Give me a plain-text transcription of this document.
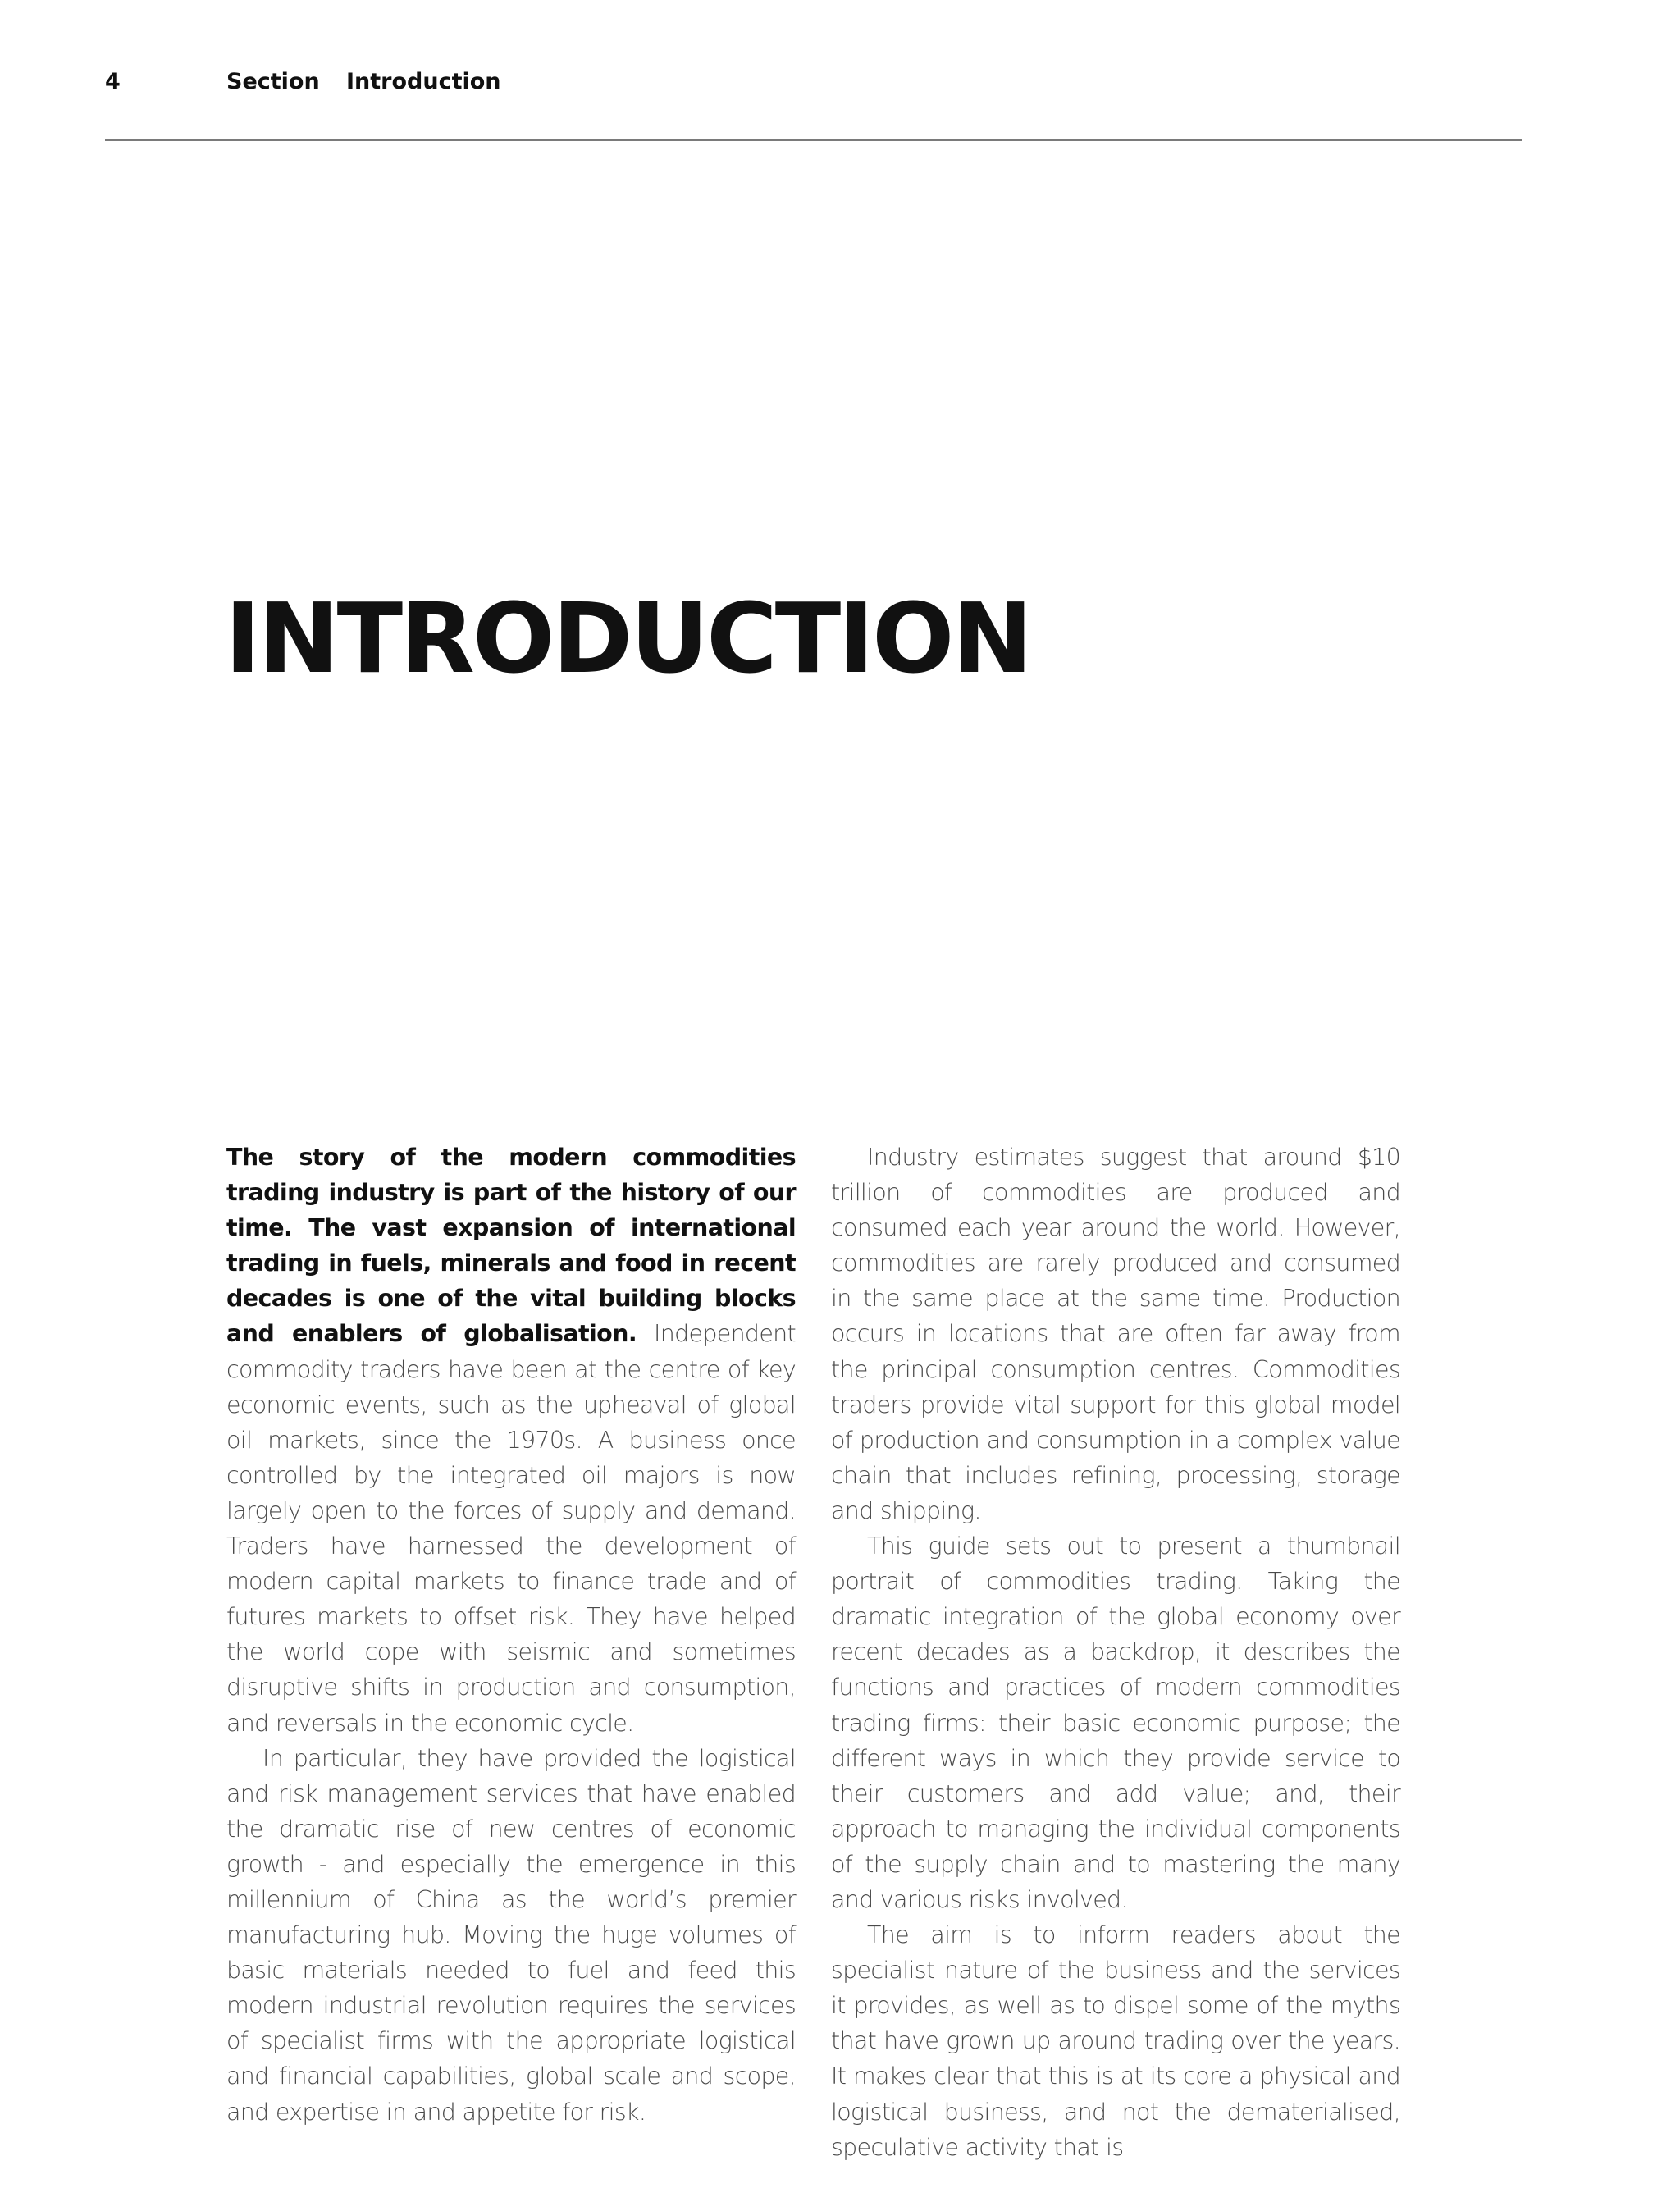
4	Section Introduction
INTRODUCTION

The story of the modern commodities trading industry is part of the history of our time. The vast expansion of international trading in fuels, minerals and food in recent decades is one of the vital building blocks and enablers of globalisation. Independent commodity traders have been at the centre of key economic events, such as the upheaval of global oil markets, since the 1970s. A business once controlled by the integrated oil majors is now largely open to the forces of supply and demand. Traders have harnessed the development of modern capital markets to finance trade and of futures markets to offset risk. They have helped the world cope with seismic and sometimes disruptive shifts in production and consumption, and reversals in the economic cycle.

In particular, they have provided the logistical and risk management services that have enabled the dramatic rise of new centres of economic growth - and especially the emergence in this millennium of China as the world’s premier manufacturing hub. Moving the huge volumes of basic materials needed to fuel and feed this modern industrial revolution requires the services of specialist firms with the appropriate logistical and financial capabilities, global scale and scope, and expertise in and appetite for risk.

Industry estimates suggest that around $10 trillion of commodities are produced and consumed each year around the world. However, commodities are rarely produced and consumed in the same place at the same time. Production occurs in locations that are often far away from the principal consumption centres. Commodities traders provide vital support for this global model of production and consumption in a complex value chain that includes refining, processing, storage and shipping.

This guide sets out to present a thumbnail portrait of commodities trading. Taking the dramatic integration of the global economy over recent decades as a backdrop, it describes the functions and practices of modern commodities trading firms: their basic economic purpose; the different ways in which they provide service to their customers and add value; and, their approach to managing the individual components of the supply chain and to mastering the many and various risks involved.

The aim is to inform readers about the specialist nature of the business and the services it provides, as well as to dispel some of the myths that have grown up around trading over the years. It makes clear that this is at its core a physical and logistical business, and not the dematerialised, speculative activity that is
